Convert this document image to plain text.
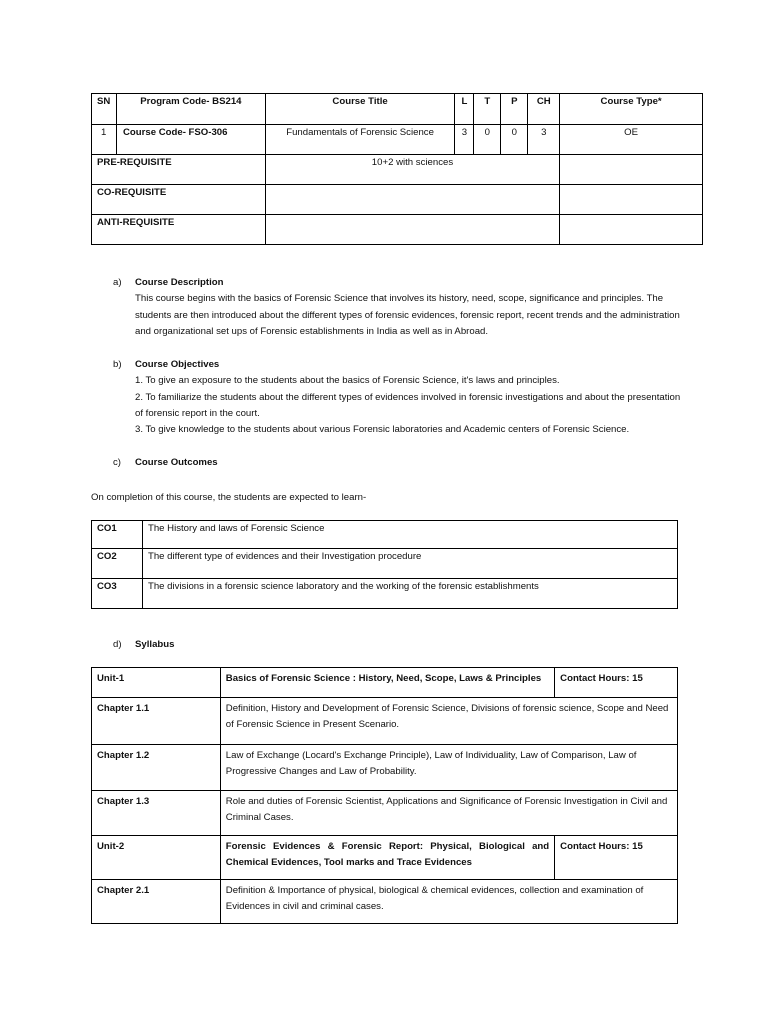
SN	Program Code- BS214	Course Title	L	T	P	CH	Course Type*
1	Course Code- FSO-306	Fundamentals of Forensic Science	3	0	0	3	OE
PRE-REQUISITE		10+2 with sciences					
CO-REQUISITE							
ANTI-REQUISITE							
a)	Course Description
This course begins with the basics of Forensic Science that involves its history, need, scope, significance and principles. The students are then introduced about the different types of forensic evidences, forensic report, recent trends and the administration and organizational set ups of Forensic establishments in India as well as in Abroad.
b)	Course Objectives
1. To give an exposure to the students about the basics of Forensic Science, it's laws and principles.
2. To familiarize the students about the different types of evidences involved in forensic investigations and about the presentation of forensic report in the court.
3. To give knowledge to the students about various Forensic laboratories and Academic centers of Forensic Science.
c)	Course Outcomes
On completion of this course, the students are expected to learn-
CO1	The History and laws of Forensic Science
CO2	The different type of evidences and their Investigation procedure
CO3	The divisions in a forensic science laboratory and the working of the forensic establishments
d)	Syllabus
Unit-1	Basics of Forensic Science : History, Need, Scope, Laws & Principles	Contact Hours: 15
Chapter 1.1	Definition, History and Development of Forensic Science, Divisions of forensic science, Scope and Need of Forensic Science in Present Scenario.	
Chapter 1.2	Law of Exchange (Locard's Exchange Principle), Law of Individuality, Law of Comparison, Law of Progressive Changes and Law of Probability.	
Chapter 1.3	Role and duties of Forensic Scientist, Applications and Significance of Forensic Investigation in Civil and Criminal Cases.	
Unit-2	Forensic Evidences & Forensic Report: Physical, Biological and Chemical Evidences, Tool marks and Trace Evidences	Contact Hours: 15
Chapter 2.1	Definition & Importance of physical, biological & chemical evidences, collection and examination of Evidences in civil and criminal cases.	
